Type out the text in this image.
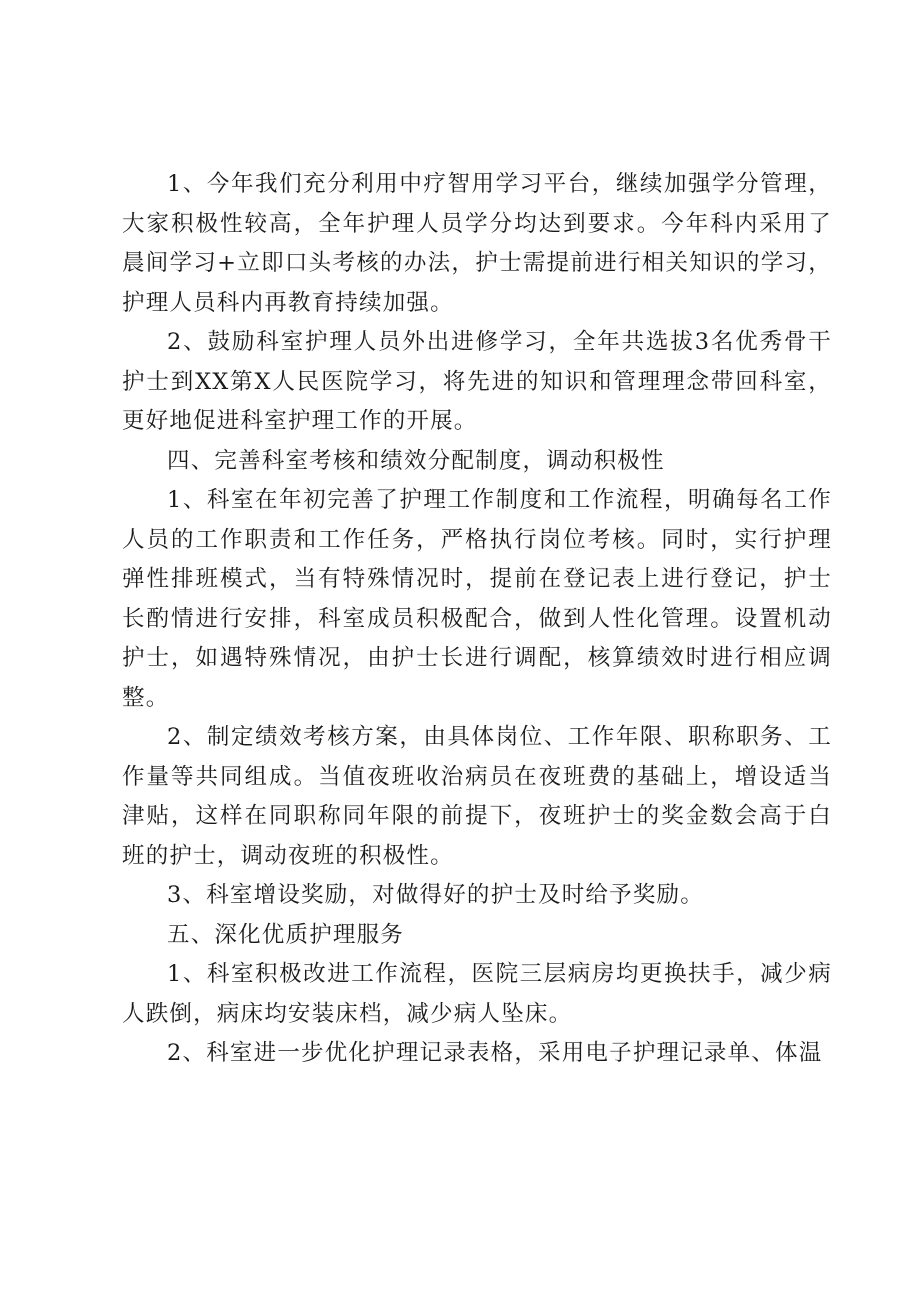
1、今年我们充分利用中疗智用学习平台，继续加强学分管理，大家积极性较高，全年护理人员学分均达到要求。今年科内采用了晨间学习+立即口头考核的办法，护士需提前进行相关知识的学习，护理人员科内再教育持续加强。

2、鼓励科室护理人员外出进修学习，全年共选拔3名优秀骨干护士到XX第X人民医院学习，将先进的知识和管理理念带回科室，更好地促进科室护理工作的开展。

四、完善科室考核和绩效分配制度，调动积极性

1、科室在年初完善了护理工作制度和工作流程，明确每名工作人员的工作职责和工作任务，严格执行岗位考核。同时，实行护理弹性排班模式，当有特殊情况时，提前在登记表上进行登记，护士长酌情进行安排，科室成员积极配合，做到人性化管理。设置机动护士，如遇特殊情况，由护士长进行调配，核算绩效时进行相应调整。

2、制定绩效考核方案，由具体岗位、工作年限、职称职务、工作量等共同组成。当值夜班收治病员在夜班费的基础上，增设适当津贴，这样在同职称同年限的前提下，夜班护士的奖金数会高于白班的护士，调动夜班的积极性。

3、科室增设奖励，对做得好的护士及时给予奖励。

五、深化优质护理服务

1、科室积极改进工作流程，医院三层病房均更换扶手，减少病人跌倒，病床均安装床档，减少病人坠床。

2、科室进一步优化护理记录表格，采用电子护理记录单、体温
